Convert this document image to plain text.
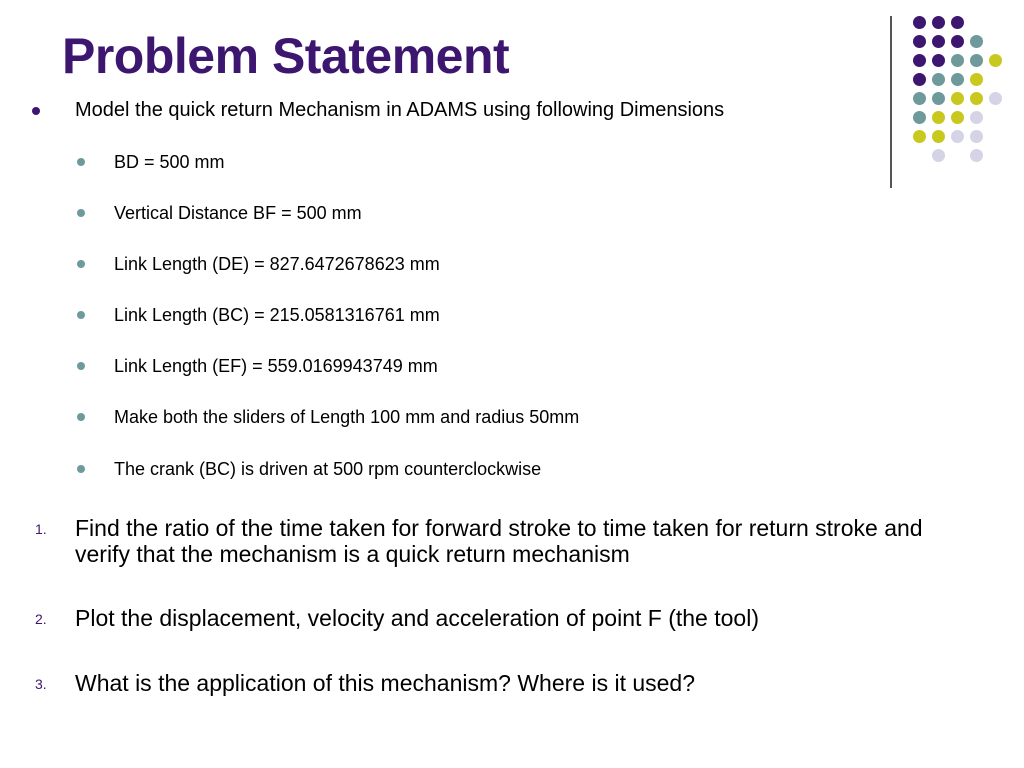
Problem Statement
Model the quick return Mechanism in ADAMS using following Dimensions
BD = 500 mm
Vertical Distance BF = 500 mm
Link Length (DE) = 827.6472678623 mm
Link Length (BC) = 215.0581316761 mm
Link Length (EF) = 559.0169943749 mm
Make both the sliders of Length 100 mm and radius 50mm
The crank (BC) is driven at 500 rpm counterclockwise
1. Find the ratio of the time taken for forward stroke to time taken for return stroke and verify that the mechanism is a quick return mechanism
2. Plot the displacement, velocity and acceleration of point F (the tool)
3. What is the application of this mechanism? Where is it used?
